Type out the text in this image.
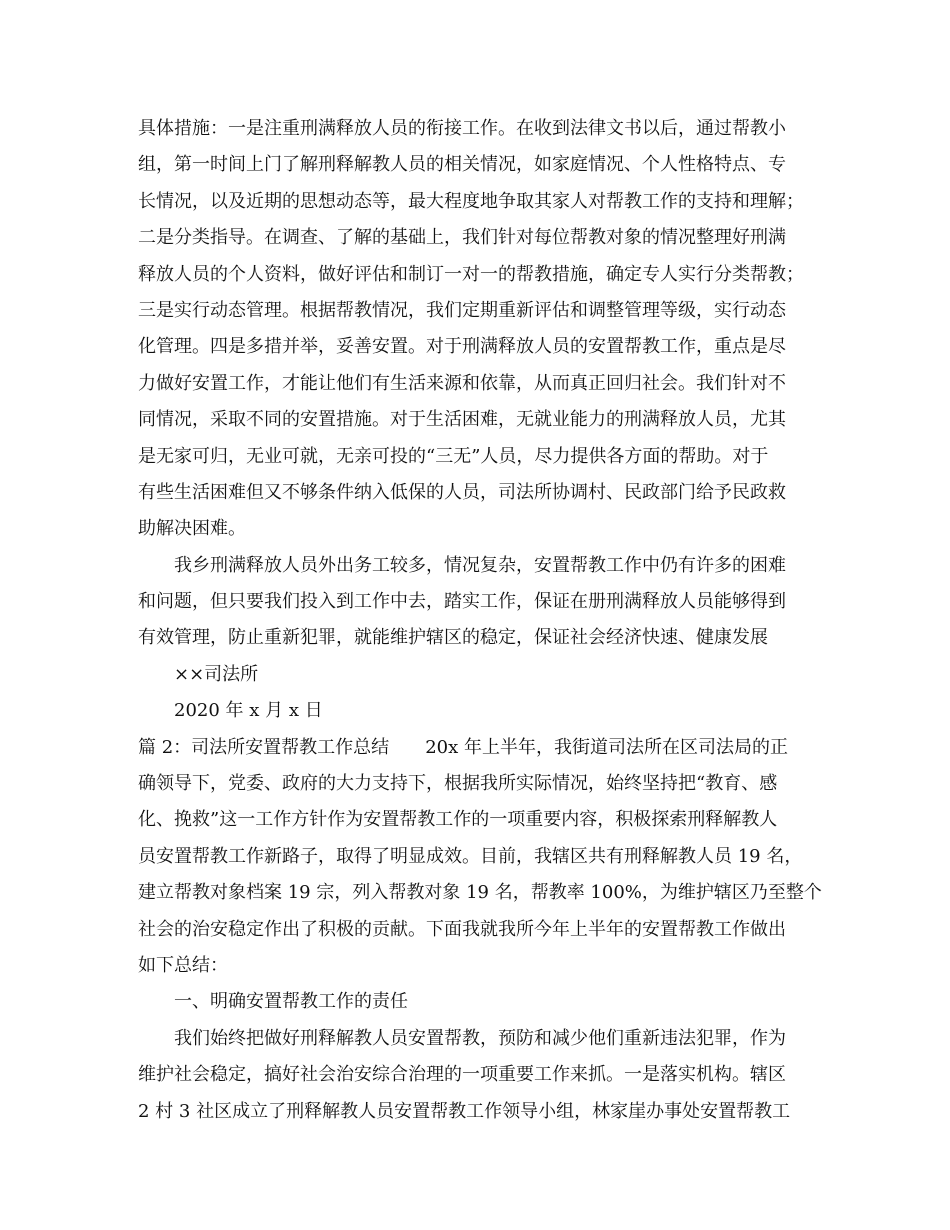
具体措施：一是注重刑满释放人员的衔接工作。在收到法律文书以后，通过帮教小
组，第一时间上门了解刑释解教人员的相关情况，如家庭情况、个人性格特点、专
长情况，以及近期的思想动态等，最大程度地争取其家人对帮教工作的支持和理解；
二是分类指导。在调查、了解的基础上，我们针对每位帮教对象的情况整理好刑满
释放人员的个人资料，做好评估和制订一对一的帮教措施，确定专人实行分类帮教；
三是实行动态管理。根据帮教情况，我们定期重新评估和调整管理等级，实行动态
化管理。四是多措并举，妥善安置。对于刑满释放人员的安置帮教工作，重点是尽
力做好安置工作，才能让他们有生活来源和依靠，从而真正回归社会。我们针对不
同情况，采取不同的安置措施。对于生活困难，无就业能力的刑满释放人员，尤其
是无家可归，无业可就，无亲可投的“三无”人员，尽力提供各方面的帮助。对于
有些生活困难但又不够条件纳入低保的人员，司法所协调村、民政部门给予民政救
助解决困难。
我乡刑满释放人员外出务工较多，情况复杂，安置帮教工作中仍有许多的困难
和问题，但只要我们投入到工作中去，踏实工作，保证在册刑满释放人员能够得到
有效管理，防止重新犯罪，就能维护辖区的稳定，保证社会经济快速、健康发展
××司法所
2020 年 x 月 x 日
篇 2：司法所安置帮教工作总结 20x 年上半年，我街道司法所在区司法局的正
确领导下，党委、政府的大力支持下，根据我所实际情况，始终坚持把“教育、感
化、挽救”这一工作方针作为安置帮教工作的一项重要内容，积极探索刑释解教人
员安置帮教工作新路子，取得了明显成效。目前，我辖区共有刑释解教人员 19 名，
建立帮教对象档案 19 宗，列入帮教对象 19 名，帮教率 100%，为维护辖区乃至整个
社会的治安稳定作出了积极的贡献。下面我就我所今年上半年的安置帮教工作做出
如下总结：
一、明确安置帮教工作的责任
我们始终把做好刑释解教人员安置帮教，预防和减少他们重新违法犯罪，作为
维护社会稳定，搞好社会治安综合治理的一项重要工作来抓。一是落实机构。辖区
2 村 3 社区成立了刑释解教人员安置帮教工作领导小组，林家崖办事处安置帮教工
